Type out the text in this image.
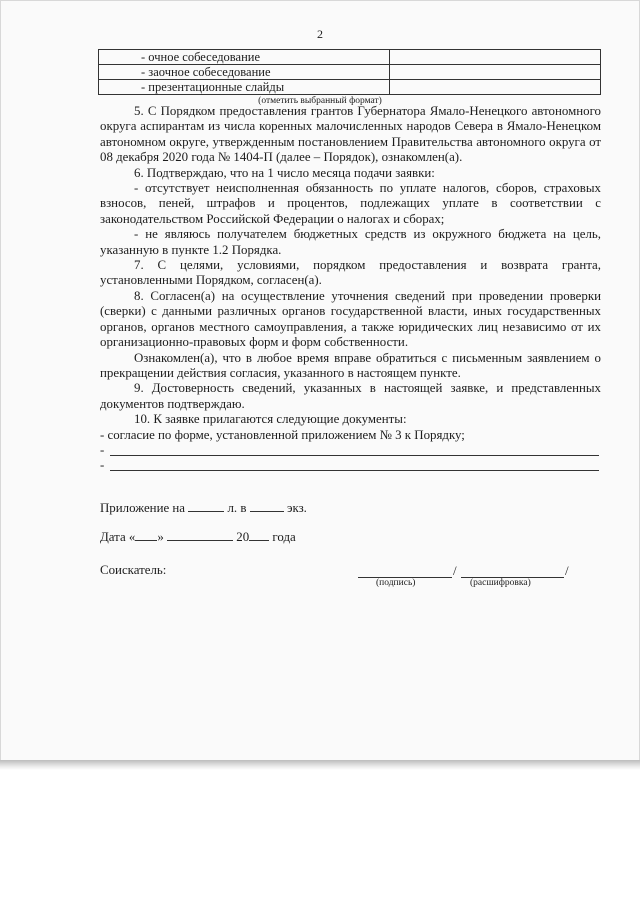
2
- очное собеседование	
- заочное собеседование	
- презентационные слайды	
(отметить выбранный формат)

5. С Порядком предоставления грантов Губернатора Ямало-Ненецкого автономного округа аспирантам из числа коренных малочисленных народов Севера в Ямало-Ненецком автономном округе, утвержденным постановлением Правительства автономного округа от 08 декабря 2020 года № 1404-П (далее – Порядок), ознакомлен(а).

6. Подтверждаю, что на 1 число месяца подачи заявки:

- отсутствует неисполненная обязанность по уплате налогов, сборов, страховых взносов, пеней, штрафов и процентов, подлежащих уплате в соответствии с законодательством Российской Федерации о налогах и сборах;

- не являюсь получателем бюджетных средств из окружного бюджета на цель, указанную в пункте 1.2 Порядка.

7. С целями, условиями, порядком предоставления и возврата гранта, установленными Порядком, согласен(а).

8. Согласен(а) на осуществление уточнения сведений при проведении проверки (сверки) с данными различных органов государственной власти, иных государственных органов, органов местного самоуправления, а также юридических лиц независимо от их организационно-правовых форм и форм собственности.

Ознакомлен(а), что в любое время вправе обратиться с письменным заявлением о прекращении действия согласия, указанного в настоящем пункте.

9. Достоверность сведений, указанных в настоящей заявке, и представленных документов подтверждаю.

10. К заявке прилагаются следующие документы:

- согласие по форме, установленной приложением № 3 к Порядку;

-
-
Приложение на	л. в	экз.
Дата « »	20 года
Соискатель:	/	/
(подпись)	(расшифровка)
